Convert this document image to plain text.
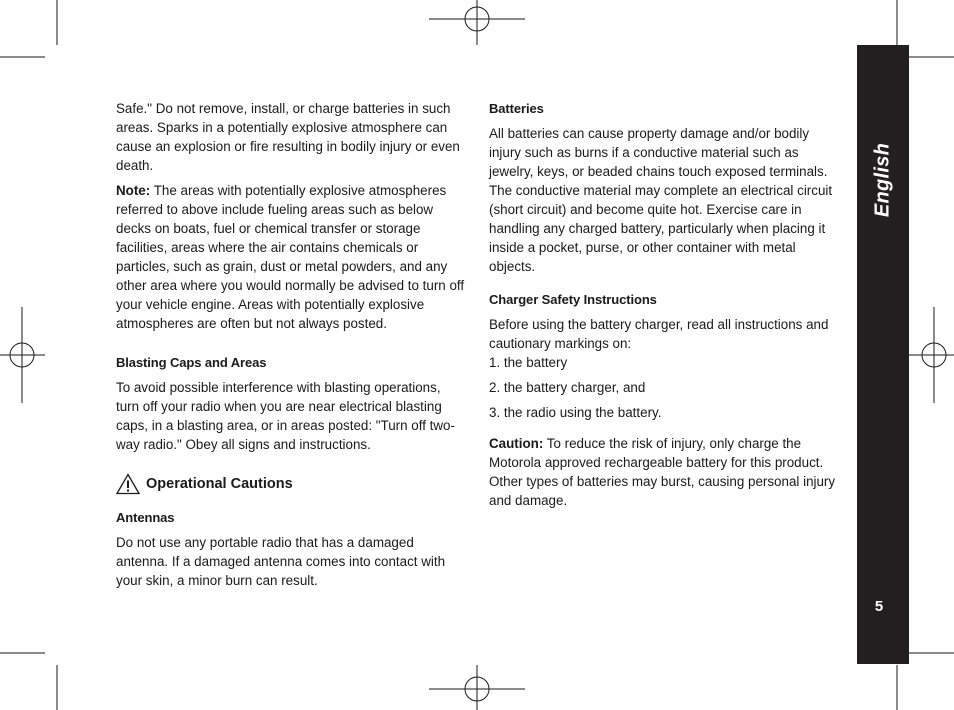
Safe." Do not remove, install, or charge batteries in such areas. Sparks in a potentially explosive atmosphere can cause an explosion or fire resulting in bodily injury or even death.

Note: The areas with potentially explosive atmospheres referred to above include fueling areas such as below decks on boats, fuel or chemical transfer or storage facilities, areas where the air contains chemicals or particles, such as grain, dust or metal powders, and any other area where you would normally be advised to turn off your vehicle engine. Areas with potentially explosive atmospheres are often but not always posted.

Blasting Caps and Areas

To avoid possible interference with blasting operations, turn off your radio when you are near electrical blasting caps, in a blasting area, or in areas posted: "Turn off two-way radio." Obey all signs and instructions.

Operational Cautions
Antennas

Do not use any portable radio that has a damaged antenna. If a damaged antenna comes into contact with your skin, a minor burn can result.

Batteries

All batteries can cause property damage and/or bodily injury such as burns if a conductive material such as jewelry, keys, or beaded chains touch exposed terminals. The conductive material may complete an electrical circuit (short circuit) and become quite hot. Exercise care in handling any charged battery, particularly when placing it inside a pocket, purse, or other container with metal objects.

Charger Safety Instructions

Before using the battery charger, read all instructions and cautionary markings on:

1. the battery

2. the battery charger, and

3. the radio using the battery.

Caution: To reduce the risk of injury, only charge the Motorola approved rechargeable battery for this product. Other types of batteries may burst, causing personal injury and damage.

English
5
